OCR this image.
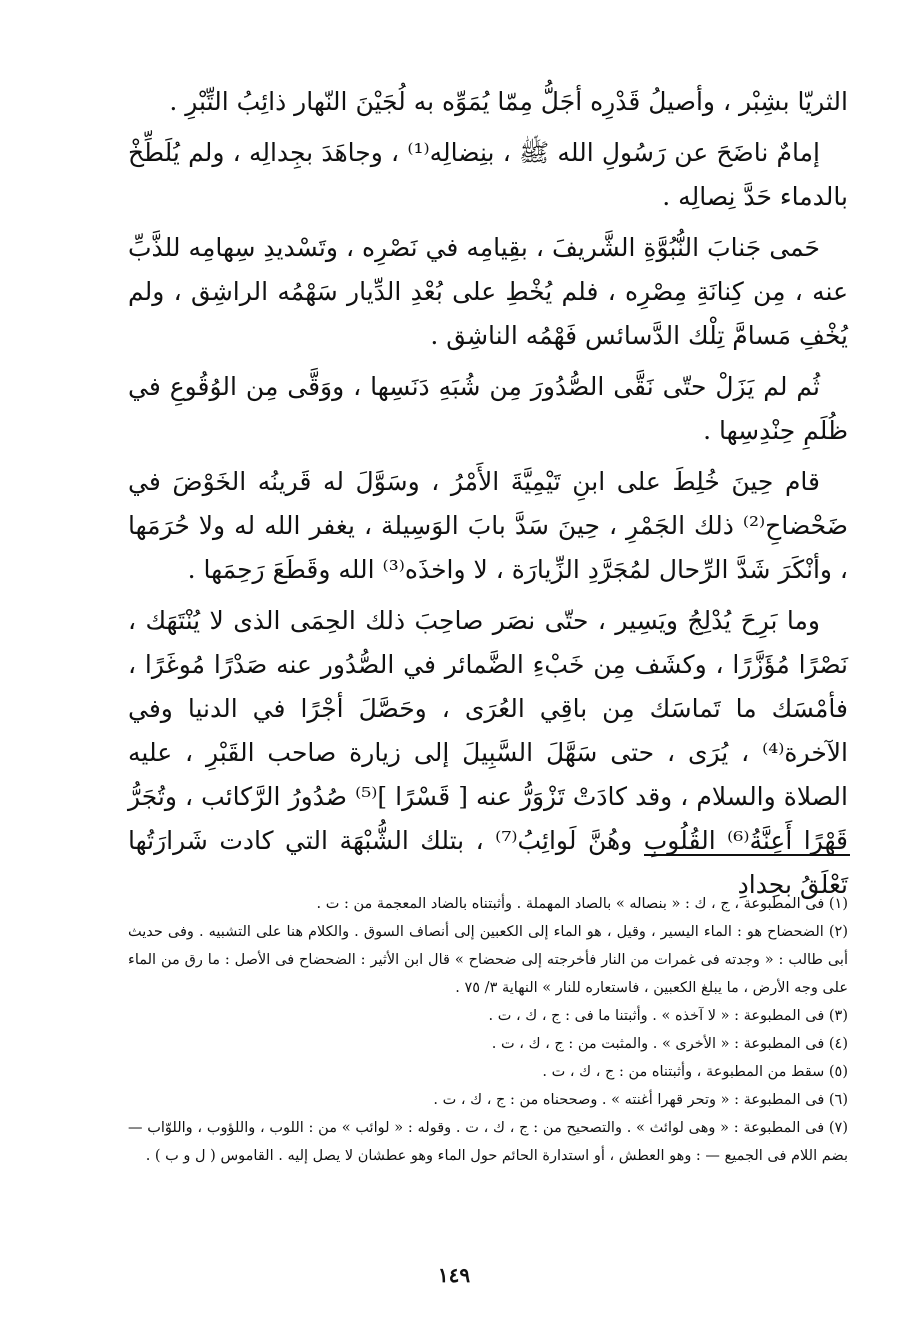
الثريّا بشِبْر ، وأصيلُ قَدْرِه أجَلُّ مِمّا يُمَوِّه به لُجَيْنَ النّهار ذائِبُ التِّبْرِ .

إمامٌ ناضَحَ عن رَسُولِ الله ﷺ ، بنِضالِه⁽¹⁾ ، وجاهَدَ بجِدالِه ، ولم يُلَطِّخْ بالدماء حَدَّ نِصالِه .

حَمى جَنابَ النُّبُوَّةِ الشَّريفَ ، بقِيامِه في نَصْرِه ، وتَسْديدِ سِهامِه للذَّبِّ عنه ، مِن كِنانَةِ مِصْرِه ، فلم يُخْطِ على بُعْدِ الدِّيار سَهْمُه الراشِق ، ولم يُخْفِ مَسامَّ تِلْك الدَّسائس فَهْمُه الناشِق .

ثُم لم يَزَلْ حتّى نَقَّى الصُّدُورَ مِن شُبَهِ دَنَسِها ، ووَقَّى مِن الوُقُوعِ في ظُلَمِ حِنْدِسِها .

قام حِينَ خُلِطَ على ابنِ تَيْمِيَّةَ الأَمْرُ ، وسَوَّلَ له قَرينُه الخَوْضَ في ضَحْضاحِ⁽²⁾ ذلك الجَمْرِ ، حِينَ سَدَّ بابَ الوَسِيلة ، يغفر الله له ولا حُرَمَها ، وأنْكَرَ شَدَّ الرِّحال لمُجَرَّدِ الزِّيارَة ، لا واخذَه⁽³⁾ الله وقَطَعَ رَحِمَها .

وما بَرِحَ يُدْلِجُ ويَسِير ، حتّى نصَر صاحِبَ ذلك الحِمَى الذى لا يُنْتَهَك ، نَصْرًا مُؤَزَّرًا ، وكشَف مِن خَبْءِ الضَّمائر في الصُّدُور عنه صَدْرًا مُوغَرًا ، فأمْسَك ما تَماسَك مِن باقِي العُرَى ، وحَصَّلَ أجْرًا في الدنيا وفي الآخرة⁽⁴⁾ ، يُرَى ، حتى سَهَّلَ السَّبِيلَ إلى زيارة صاحب القَبْرِ ، عليه الصلاة والسلام ، وقد كادَتْ تَزْوَرُّ عنه [ قَسْرًا ]⁽⁵⁾ صُدُورُ الرَّكائب ، وتُجَرُّ قَهْرًا أَعِنَّةُ⁽⁶⁾ القُلُوبِ وهُنَّ لَوائِبُ⁽⁷⁾ ، بتلك الشُّبْهَة التي كادت شَرارَتُها تَعْلَقُ بحِدادِ

(١) فى المطبوعة ، ج ، ك : « بنصاله » بالصاد المهملة . وأثبتناه بالضاد المعجمة من : ت .

(٢) الضحضاح هو : الماء اليسير ، وقيل ، هو الماء إلى الكعبين إلى أنصاف السوق . والكلام هنا على التشبيه . وفى حديث أبى طالب : « وجدته فى غمرات من النار فأخرجته إلى ضحضاح » قال ابن الأثير : الضحضاح فى الأصل : ما رق من الماء على وجه الأرض ، ما يبلغ الكعبين ، فاستعاره للنار » النهاية ٣/ ٧٥ .

(٣) فى المطبوعة : « لا آخذه » . وأثبتنا ما فى : ج ، ك ، ت .

(٤) فى المطبوعة : « الأخرى » . والمثبت من : ج ، ك ، ت .

(٥) سقط من المطبوعة ، وأثبتناه من : ج ، ك ، ت .

(٦) فى المطبوعة : « وتحر قهرا أغنته » . وصححناه من : ج ، ك ، ت .

(٧) فى المطبوعة : « وهى لوائث » . والتصحيح من : ج ، ك ، ت . وقوله : « لوائب » من : اللوب ، واللؤوب ، واللوّاب — بضم اللام فى الجميع — : وهو العطش ، أو استدارة الحائم حول الماء وهو عطشان لا يصل إليه . القاموس ( ل و ب ) .

١٤٩
